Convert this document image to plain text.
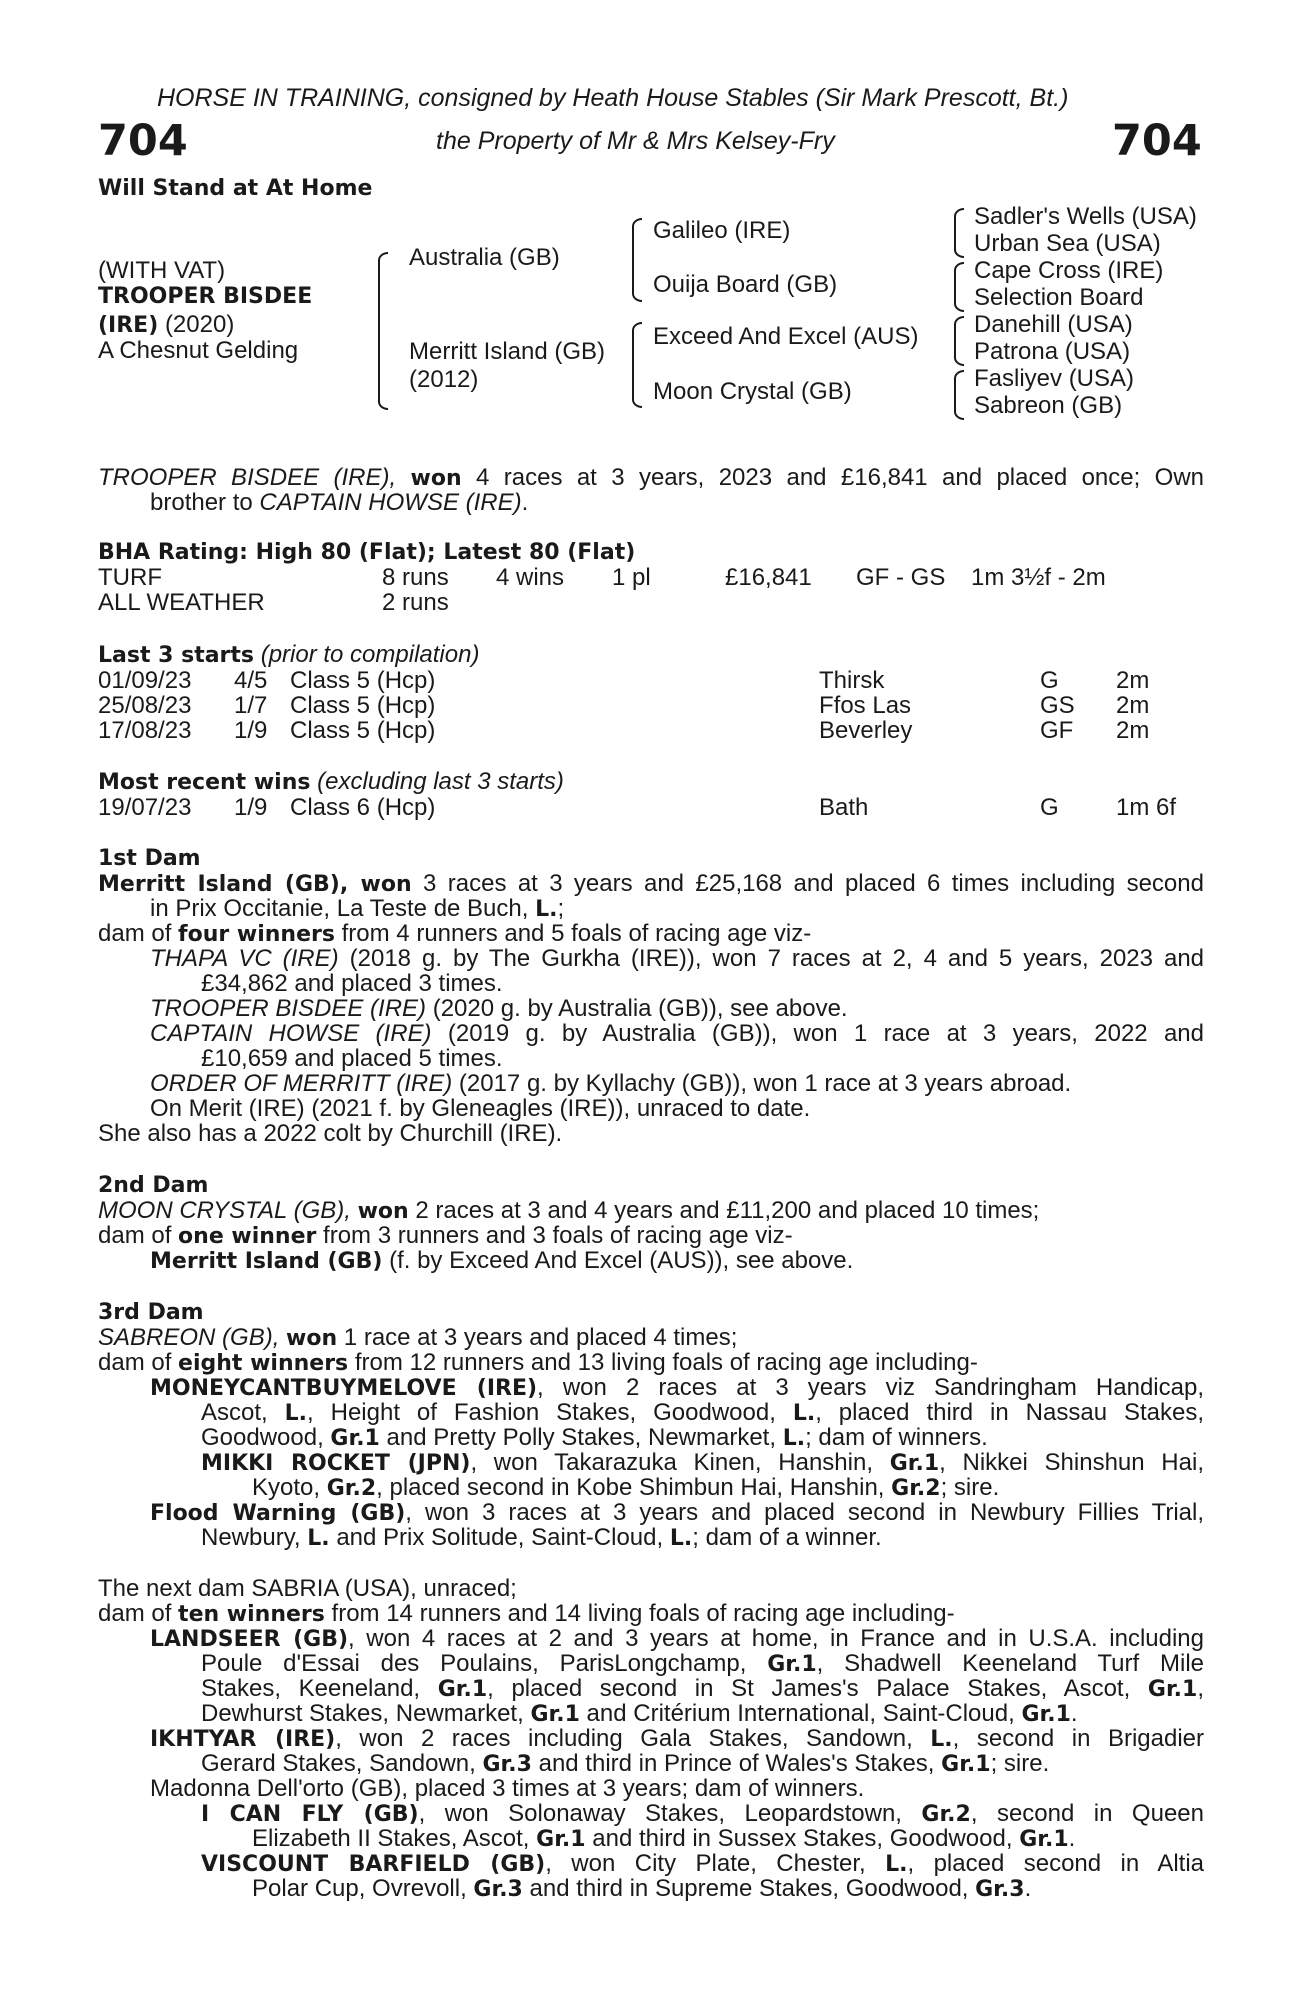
HORSE IN TRAINING, consigned by Heath House Stables (Sir Mark Prescott, Bt.)
704	the Property of Mr & Mrs Kelsey-Fry	704
Will Stand at At Home
(WITH VAT)
TROOPER BISDEE
(IRE) (2020)
A Chesnut Gelding
Australia (GB)
Merritt Island (GB)
(2012)
Galileo (IRE)
Ouija Board (GB)
Exceed And Excel (AUS)
Moon Crystal (GB)
Sadler's Wells (USA)
Urban Sea (USA)
Cape Cross (IRE)
Selection Board
Danehill (USA)
Patrona (USA)
Fasliyev (USA)
Sabreon (GB)
TROOPER BISDEE (IRE), won 4 races at 3 years, 2023 and £16,841 and placed once; Own
brother to CAPTAIN HOWSE (IRE).
BHA Rating: High 80 (Flat); Latest 80 (Flat)
TURF	8 runs 4 wins 1 pl	£16,841 GF - GS 1m 3½f - 2m
ALL WEATHER	2 runs
Last 3 starts (prior to compilation)
01/09/23 4/5 Class 5 (Hcp)	Thirsk	G 2m
25/08/23 1/7 Class 5 (Hcp)	Ffos Las	GS 2m
17/08/23 1/9 Class 5 (Hcp)	Beverley	GF 2m
Most recent wins (excluding last 3 starts)
19/07/23 1/9 Class 6 (Hcp)	Bath	G 1m 6f
1st Dam
Merritt Island (GB), won 3 races at 3 years and £25,168 and placed 6 times including second
in Prix Occitanie, La Teste de Buch, L.;
dam of four winners from 4 runners and 5 foals of racing age viz-
THAPA VC (IRE) (2018 g. by The Gurkha (IRE)), won 7 races at 2, 4 and 5 years, 2023 and
£34,862 and placed 3 times.
TROOPER BISDEE (IRE) (2020 g. by Australia (GB)), see above.
CAPTAIN HOWSE (IRE) (2019 g. by Australia (GB)), won 1 race at 3 years, 2022 and
£10,659 and placed 5 times.
ORDER OF MERRITT (IRE) (2017 g. by Kyllachy (GB)), won 1 race at 3 years abroad.
On Merit (IRE) (2021 f. by Gleneagles (IRE)), unraced to date.
She also has a 2022 colt by Churchill (IRE).
2nd Dam
MOON CRYSTAL (GB), won 2 races at 3 and 4 years and £11,200 and placed 10 times;
dam of one winner from 3 runners and 3 foals of racing age viz-
Merritt Island (GB) (f. by Exceed And Excel (AUS)), see above.
3rd Dam
SABREON (GB), won 1 race at 3 years and placed 4 times;
dam of eight winners from 12 runners and 13 living foals of racing age including-
MONEYCANTBUYMELOVE (IRE), won 2 races at 3 years viz Sandringham Handicap,
Ascot, L., Height of Fashion Stakes, Goodwood, L., placed third in Nassau Stakes,
Goodwood, Gr.1 and Pretty Polly Stakes, Newmarket, L.; dam of winners.
MIKKI ROCKET (JPN), won Takarazuka Kinen, Hanshin, Gr.1, Nikkei Shinshun Hai,
Kyoto, Gr.2, placed second in Kobe Shimbun Hai, Hanshin, Gr.2; sire.
Flood Warning (GB), won 3 races at 3 years and placed second in Newbury Fillies Trial,
Newbury, L. and Prix Solitude, Saint-Cloud, L.; dam of a winner.
The next dam SABRIA (USA), unraced;
dam of ten winners from 14 runners and 14 living foals of racing age including-
LANDSEER (GB), won 4 races at 2 and 3 years at home, in France and in U.S.A. including
Poule d'Essai des Poulains, ParisLongchamp, Gr.1, Shadwell Keeneland Turf Mile
Stakes, Keeneland, Gr.1, placed second in St James's Palace Stakes, Ascot, Gr.1,
Dewhurst Stakes, Newmarket, Gr.1 and Critérium International, Saint-Cloud, Gr.1.
IKHTYAR (IRE), won 2 races including Gala Stakes, Sandown, L., second in Brigadier
Gerard Stakes, Sandown, Gr.3 and third in Prince of Wales's Stakes, Gr.1; sire.
Madonna Dell'orto (GB), placed 3 times at 3 years; dam of winners.
I CAN FLY (GB), won Solonaway Stakes, Leopardstown, Gr.2, second in Queen
Elizabeth II Stakes, Ascot, Gr.1 and third in Sussex Stakes, Goodwood, Gr.1.
VISCOUNT BARFIELD (GB), won City Plate, Chester, L., placed second in Altia
Polar Cup, Ovrevoll, Gr.3 and third in Supreme Stakes, Goodwood, Gr.3.
